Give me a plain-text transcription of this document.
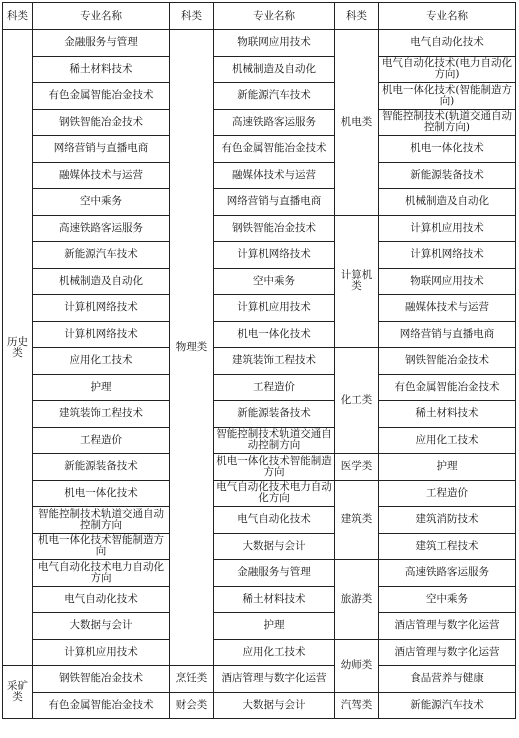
科类	专业名称	科类	专业名称	科类	专业名称
历史类	金融服务与管理	物理类	物联网应用技术	机电类	电气自动化技术
	稀土材料技术		机械制造及自动化		电气自动化技术(电力自动化方向)
	有色金属智能冶金技术		新能源汽车技术		机电一体化技术(智能制造方向)
	钢铁智能冶金技术		高速铁路客运服务		智能控制技术(轨道交通自动控制方向)
	网络营销与直播电商		有色金属智能冶金技术		机电一体化技术
	融媒体技术与运营		融媒体技术与运营		新能源装备技术
	空中乘务		网络营销与直播电商		机械制造及自动化
	高速铁路客运服务		钢铁智能冶金技术	计算机类	计算机应用技术
	新能源汽车技术		计算机网络技术		计算机网络技术
	机械制造及自动化		空中乘务		物联网应用技术
	计算机网络技术		计算机应用技术		融媒体技术与运营
	计算机网络技术		机电一体化技术		网络营销与直播电商
	应用化工技术		建筑装饰工程技术	化工类	钢铁智能冶金技术
	护理		工程造价		有色金属智能冶金技术
	建筑装饰工程技术		新能源装备技术		稀土材料技术
	工程造价		智能控制技术轨道交通自动控制方向		应用化工技术
	新能源装备技术		机电一体化技术智能制造方向	医学类	护理
	机电一体化技术		电气自动化技术电力自动化方向	建筑类	工程造价
	智能控制技术轨道交通自动控制方向		电气自动化技术		建筑消防技术
	机电一体化技术智能制造方向		大数据与会计		建筑工程技术
	电气自动化技术电力自动化方向		金融服务与管理	旅游类	高速铁路客运服务
	电气自动化技术		稀土材料技术		空中乘务
	大数据与会计		护理		酒店管理与数字化运营
	计算机应用技术		应用化工技术	幼师类	酒店管理与数字化运营
采矿类	钢铁智能冶金技术	烹饪类	酒店管理与数字化运营		食品营养与健康
	有色金属智能冶金技术	财会类	大数据与会计	汽驾类	新能源汽车技术
